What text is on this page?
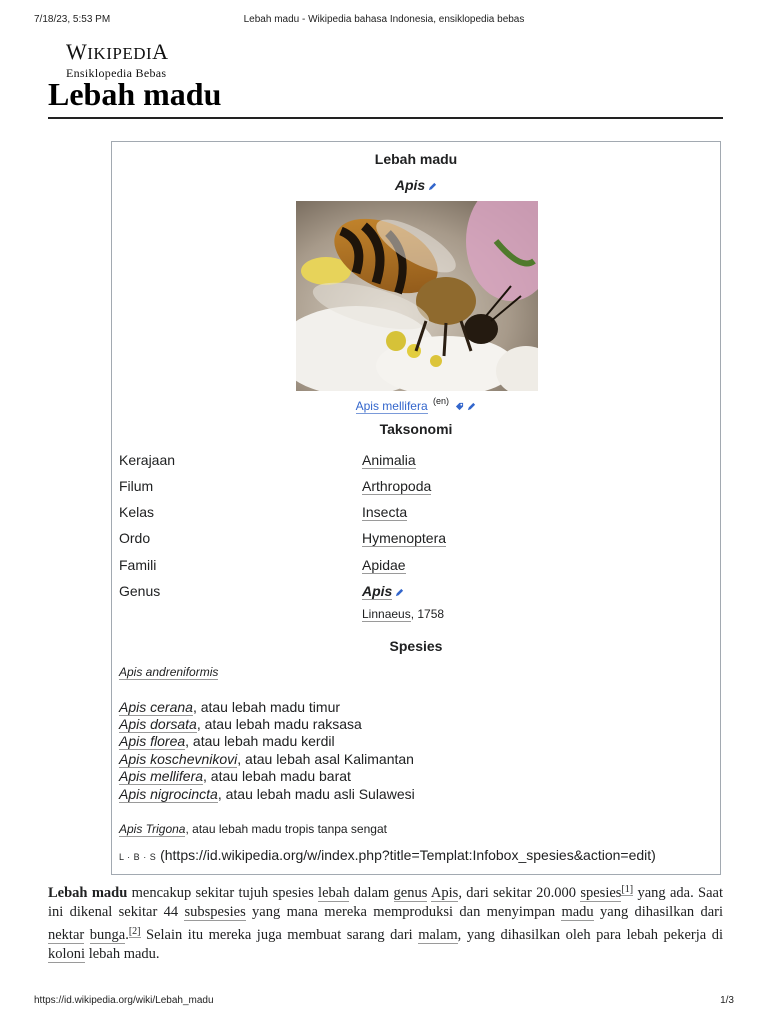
7/18/23, 5:53 PM	Lebah madu - Wikipedia bahasa Indonesia, ensiklopedia bebas
WIKIPEDIA
Ensiklopedia Bebas
Lebah madu
Lebah madu
Apis
Apis mellifera $^{(en)}$
Taksonomi
Kerajaan	Animalia
Filum	Arthropoda
Kelas	Insecta
Ordo	Hymenoptera
Famili	Apidae
Genus	Apis
Linnaeus, 1758
Spesies
Apis andreniformis
Apis cerana, atau lebah madu timur
Apis dorsata, atau lebah madu raksasa
Apis florea, atau lebah madu kerdil
Apis koschevnikovi, atau lebah asal Kalimantan
Apis mellifera, atau lebah madu barat
Apis nigrocincta, atau lebah madu asli Sulawesi
Apis Trigona, atau lebah madu tropis tanpa sengat
L · B · S (https://id.wikipedia.org/w/index.php?title=Templat:Infobox_spesies&action=edit)

Lebah madu mencakup sekitar tujuh spesies lebah dalam genus Apis, dari sekitar 20.000 spesies[1] yang ada. Saat ini dikenal sekitar 44 subspesies yang mana mereka memproduksi dan menyimpan madu yang dihasilkan dari nektar bunga.[2] Selain itu mereka juga membuat sarang dari malam, yang dihasilkan oleh para lebah pekerja di koloni lebah madu.

https://id.wikipedia.org/wiki/Lebah_madu	1/3
